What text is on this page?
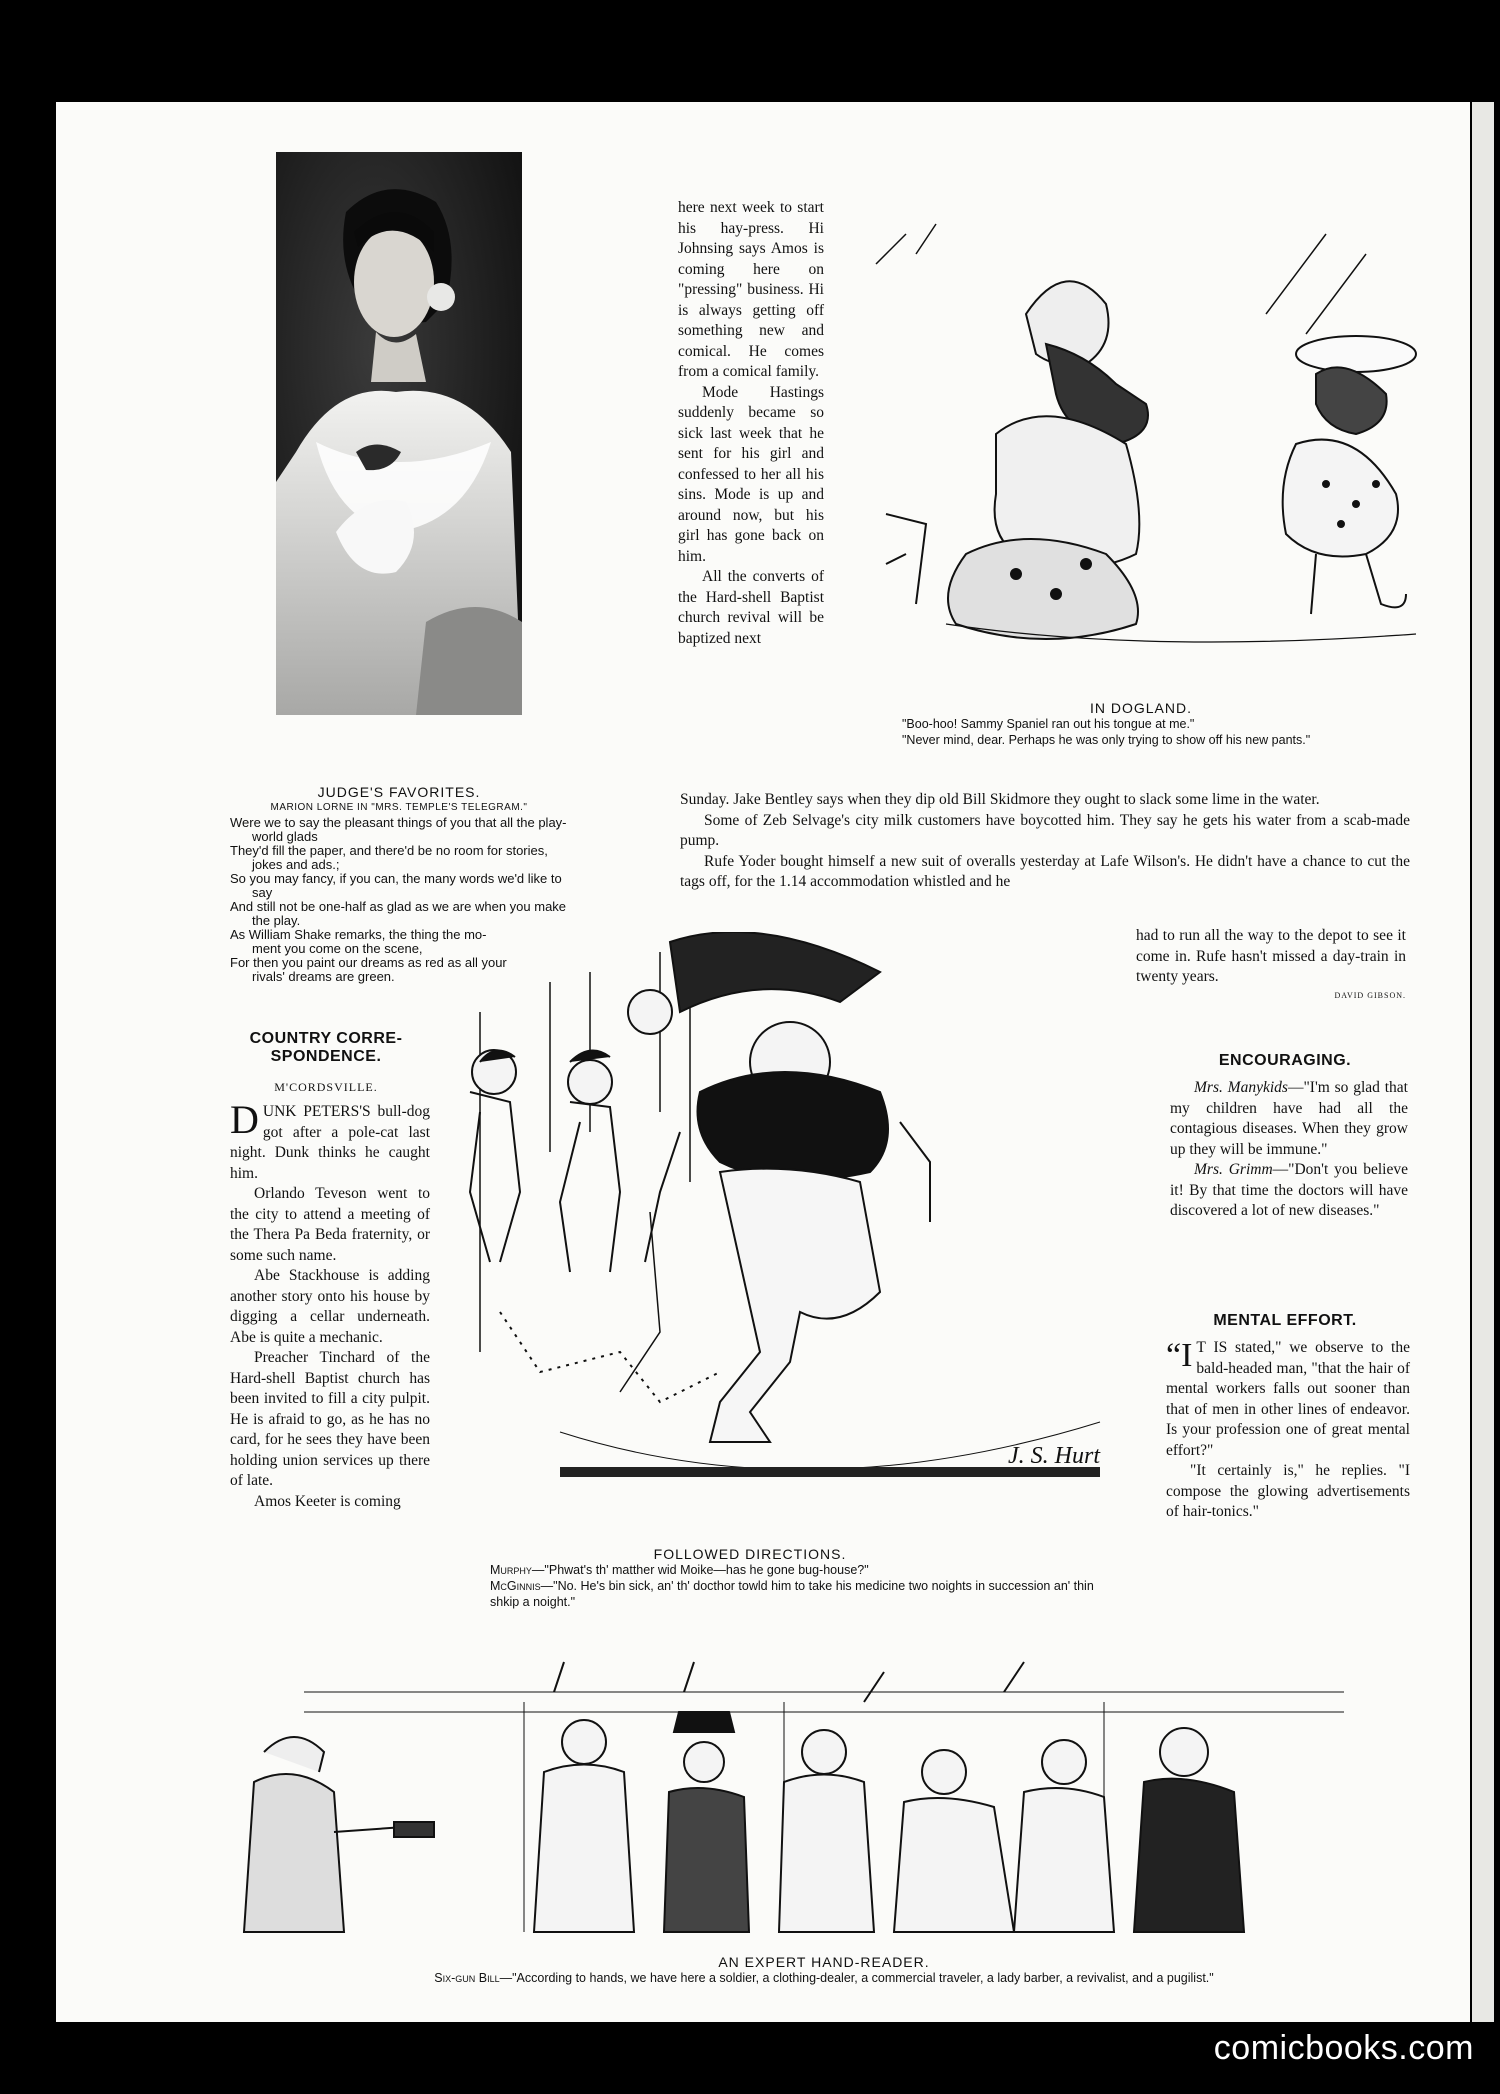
JUDGE'S FAVORITES.
MARION LORNE IN "MRS. TEMPLE'S TELEGRAM."
Were we to say the pleasant things of you that all the play-
world glads
They'd fill the paper, and there'd be no room for stories,
jokes and ads.;
So you may fancy, if you can, the many words we'd like to
say
And still not be one-half as glad as we are when you make
the play.
As William Shake remarks, the thing the mo-
ment you come on the scene,
For then you paint our dreams as red as all your
rivals' dreams are green.
COUNTRY CORRE-
SPONDENCE.
M'CORDSVILLE.

DUNK PETERS'S bull-dog got after a pole-cat last night. Dunk thinks he caught him.

Orlando Teveson went to the city to attend a meeting of the Thera Pa Beda fraternity, or some such name.

Abe Stackhouse is adding another story onto his house by digging a cellar underneath. Abe is quite a mechanic.

Preacher Tinchard of the Hard-shell Baptist church has been invited to fill a city pulpit. He is afraid to go, as he has no card, for he sees they have been holding union services up there of late.

Amos Keeter is coming

here next week to start his hay-press. Hi Johnsing says Amos is coming here on "pressing" business. Hi is always getting off something new and comical. He comes from a comical family.

Mode Hastings suddenly became so sick last week that he sent for his girl and confessed to her all his sins. Mode is up and around now, but his girl has gone back on him.

All the converts of the Hard-shell Baptist church revival will be baptized next

IN DOGLAND.
"Boo-hoo! Sammy Spaniel ran out his tongue at me."
"Never mind, dear. Perhaps he was only trying to show off his new pants."

Sunday. Jake Bentley says when they dip old Bill Skidmore they ought to slack some lime in the water.

Some of Zeb Selvage's city milk customers have boycotted him. They say he gets his water from a scab-made pump.

Rufe Yoder bought himself a new suit of overalls yesterday at Lafe Wilson's. He didn't have a chance to cut the tags off, for the 1.14 accommodation whistled and he

had to run all the way to the depot to see it come in. Rufe hasn't missed a day-train in twenty years.

DAVID GIBSON.
J. S. Hurt
FOLLOWED DIRECTIONS.
Murphy—"Phwat's th' matther wid Moike—has he gone bug-house?"
McGinnis—"No. He's bin sick, an' th' docthor towld him to take his medicine two noights in succession an' thin shkip a noight."
ENCOURAGING.

Mrs. Manykids—"I'm so glad that my children have had all the contagious diseases. When they grow up they will be immune."

Mrs. Grimm—"Don't you believe it! By that time the doctors will have discovered a lot of new diseases."

MENTAL EFFORT.

“I T IS stated," we observe to the bald-headed man, "that the hair of mental workers falls out sooner than that of men in other lines of endeavor. Is your profession one of great mental effort?"

"It certainly is," he replies. "I compose the glowing advertisements of hair-tonics."

AN EXPERT HAND-READER.
Six-gun Bill—"According to hands, we have here a soldier, a clothing-dealer, a commercial traveler, a lady barber, a revivalist, and a pugilist."
comicbooks.com
